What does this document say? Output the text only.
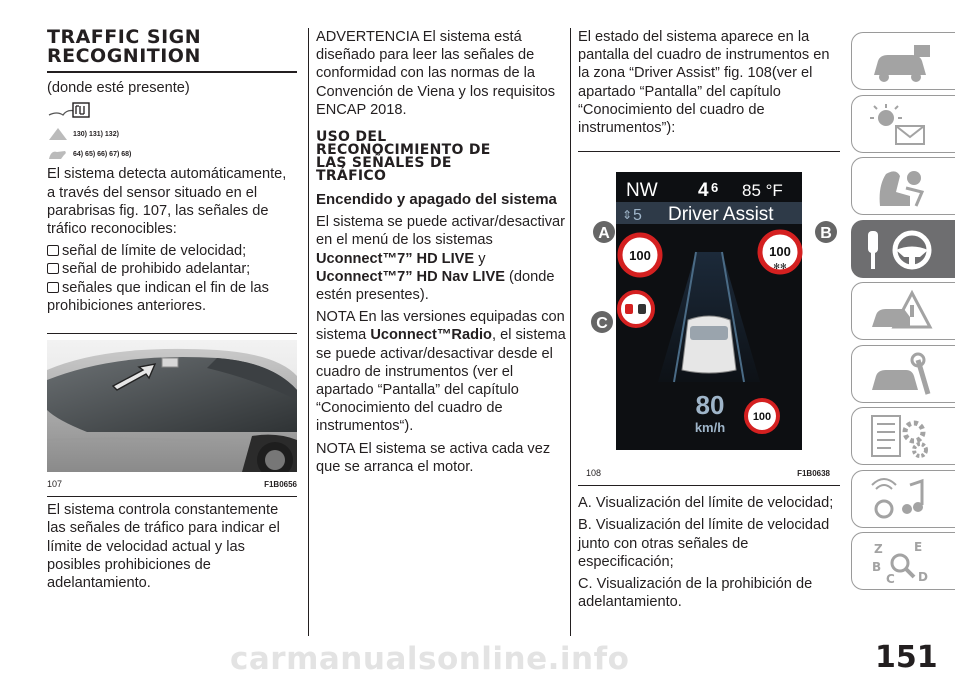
TRAFFIC SIGN
RECOGNITION

(donde esté presente)

130) 131) 132)
64) 65) 66) 67) 68)

El sistema detecta automáticamente, a través del sensor situado en el parabrisas fig. 107, las señales de tráfico reconocibles:

señal de límite de velocidad;
señal de prohibido adelantar;
señales que indican el fin de las prohibiciones anteriores.
107	F1B0656

El sistema controla constantemente las señales de tráfico para indicar el límite de velocidad actual y las posibles prohibiciones de adelantamiento.

ADVERTENCIA El sistema está diseñado para leer las señales de conformidad con las normas de la Convención de Viena y los requisitos ENCAP 2018.

USO DEL
RECONOCIMIENTO DE
LAS SEÑALES DE
TRÁFICO
Encendido y apagado del sistema

El sistema se puede activar/desactivar en el menú de los sistemas Uconnect™7” HD LIVE y Uconnect™7” HD Nav LIVE (donde estén presentes).

NOTA En las versiones equipadas con sistema Uconnect™Radio, el sistema se puede activar/desactivar desde el cuadro de instrumentos (ver el apartado “Pantalla” del capítulo “Conocimiento del cuadro de instrumentos“).

NOTA El sistema se activa cada vez que se arranca el motor.

El estado del sistema aparece en la pantalla del cuadro de instrumentos en la zona “Driver Assist” fig. 108(ver el apartado “Pantalla” del capítulo “Conocimiento del cuadro de instrumentos”):

NW 4 6 85 °F
⇕ 5 Driver Assist
100	100
✻✻
80
km/h
100
A	B
C
108	F1B0638

A. Visualización del límite de velocidad;

B. Visualización del límite de velocidad junto con otras señales de especificación;

C. Visualización de la prohibición de adelantamiento.

Z	E
B
C D
carmanualsonline.info	151
